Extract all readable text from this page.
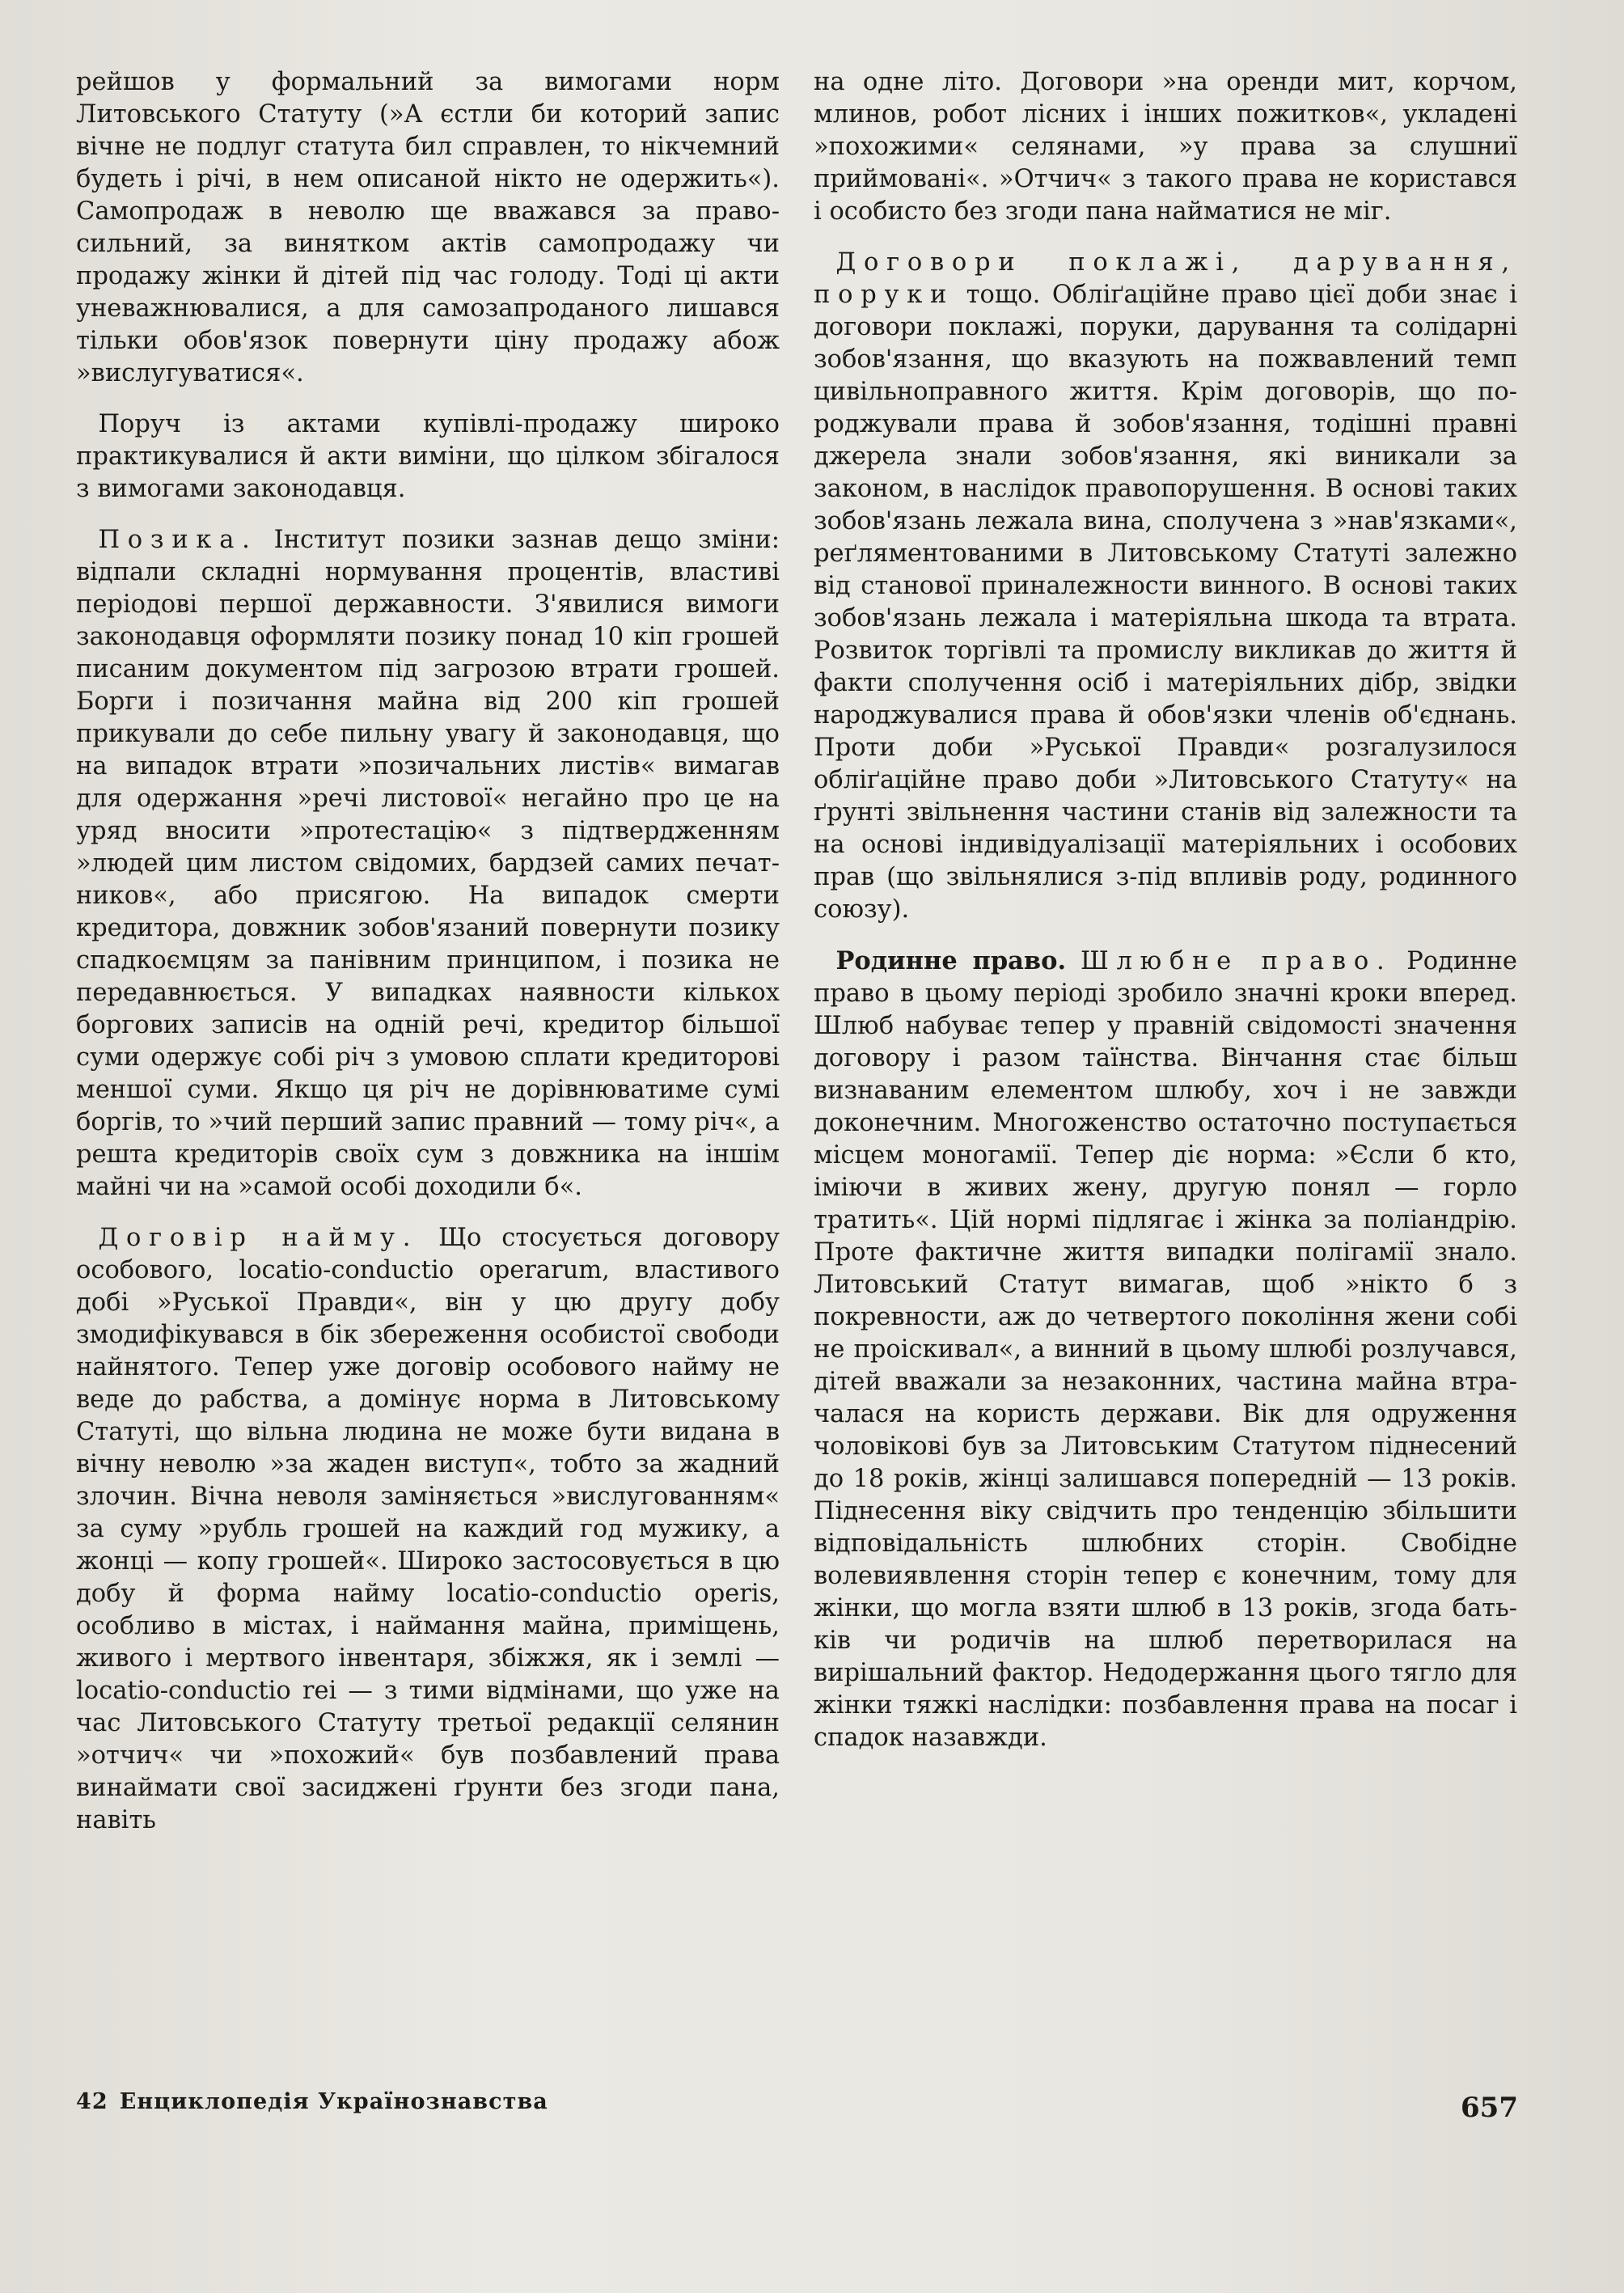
рейшов у формальний за вимогами норм Литовського Статуту (»А єстли би которий запис вічне не подлуг статута бил справлен, то нікчемний будеть і річі, в нем описаной нікто не одержить«). Самопродаж в неволю ще вважався за правосильний, за винятком актів самопродажу чи продажу жінки й дітей під час голоду. Тоді ці акти уневажнювалися, а для самозапроданого лишався тільки обов'язок повернути ціну продажу абож »вислугуватися«.

Поруч із актами купівлі-продажу широко практикувалися й акти виміни, що цілком збігалося з вимогами законодавця.

Позика. Інститут позики зазнав дещо зміни: відпали складні нормування процентів, властиві періодові першої державности. З'явилися вимоги законодавця оформляти позику понад 10 кіп грошей писаним документом під загрозою втрати грошей. Борги і позичання майна від 200 кіп грошей прикували до себе пильну увагу й законодавця, що на випадок втрати »позичальних листів« вимагав для одержання »речі листової« негайно про це на уряд вносити »протестацію« з підтвердженням »людей цим листом свідомих, бардзей самих печатников«, або присягою. На випадок смерти кредитора, довжник зобов'язаний повернути позику спадкоємцям за панівним принципом, і позика не передавнюється. У випадках наявности кількох боргових записів на одній речі, кредитор більшої суми одержує собі річ з умовою сплати кредиторові меншої суми. Якщо ця річ не дорівнюватиме сумі боргів, то »чий перший запис правний — тому річ«, а решта кредиторів своїх сум з довжника на іншім майні чи на »самой особі доходили б«.

Договір найму. Що стосується договору особового, locatio-conductio operarum, властивого добі »Руської Правди«, він у цю другу добу змодифікувався в бік збереження особистої свободи найнятого. Тепер уже договір особового найму не веде до рабства, а домінує норма в Литовському Статуті, що вільна людина не може бути видана в вічну неволю »за жаден виступ«, тобто за жадний злочин. Вічна неволя заміняється »вислугованням« за суму »рубль грошей на каждий год мужику, а жонці — копу грошей«. Широко застосовується в цю добу й форма найму locatio-conductio operis, особливо в містах, і наймання майна, приміщень, живого і мертвого інвентаря, збіжжя, як і землі — locatio-conductio rei — з тими відмінами, що уже на час Литовського Статуту третьої редакції селянин »отчич« чи »похожий« був позбавлений права винаймати свої засиджені ґрунти без згоди пана, навіть

на одне літо. Договори »на оренди мит, корчом, млинов, робот лісних і інших пожитков«, укладені »похожими« селянами, »у права за слушниї приймовані«. »Отчич« з такого права не користався і особисто без згоди пана найматися не міг.

Договори поклажі, дарування, поруки тощо. Обліґаційне право цієї доби знає і договори поклажі, поруки, дарування та солідарні зобов'язання, що вказують на пожвавлений темп цивільноправного життя. Крім договорів, що породжували права й зобов'язання, тодішні правні джерела знали зобов'язання, які виникали за законом, в наслідок правопорушення. В основі таких зобов'язань лежала вина, сполучена з »нав'язками«, реґляментованими в Литовському Статуті залежно від станової приналежности винного. В основі таких зобов'язань лежала і матеріяльна шкода та втрата. Розвиток торгівлі та промислу викликав до життя й факти сполучення осіб і матеріяльних дібр, звідки народжувалися права й обов'язки членів об'єднань. Проти доби »Руської Правди« розгалузилося обліґаційне право доби »Литовського Статуту« на ґрунті звільнення частини станів від залежности та на основі індивідуалізації матеріяльних і особових прав (що звільнялися з-під впливів роду, родинного союзу).

Родинне право. Шлюбне право. Родинне право в цьому періоді зробило значні кроки вперед. Шлюб набуває тепер у правній свідомості значення договору і разом таїнства. Вінчання стає більш визнаваним елементом шлюбу, хоч і не завжди доконечним. Многоженство остаточно поступається місцем моногамії. Тепер діє норма: »Єсли б кто, іміючи в живих жену, другую понял — горло тратить«. Цій нормі підлягає і жінка за поліандрію. Проте фактичне життя випадки полігамії знало. Литовський Статут вимагав, щоб »нікто б з покревности, аж до четвертого покоління жени собі не проіскивал«, а винний в цьому шлюбі розлучався, дітей вважали за незаконних, частина майна втрачалася на користь держави. Вік для одруження чоловікові був за Литовським Статутом піднесений до 18 років, жінці залишався попередній — 13 років. Піднесення віку свідчить про тенденцію збільшити відповідальність шлюбних сторін. Свобідне волевиявлення сторін тепер є конечним, тому для жінки, що могла взяти шлюб в 13 років, згода батьків чи родичів на шлюб перетворилася на вирішальний фактор. Недодержання цього тягло для жінки тяжкі наслідки: позбавлення права на посаг і спадок назавжди.

42 Енциклопедія Українознавства	657
